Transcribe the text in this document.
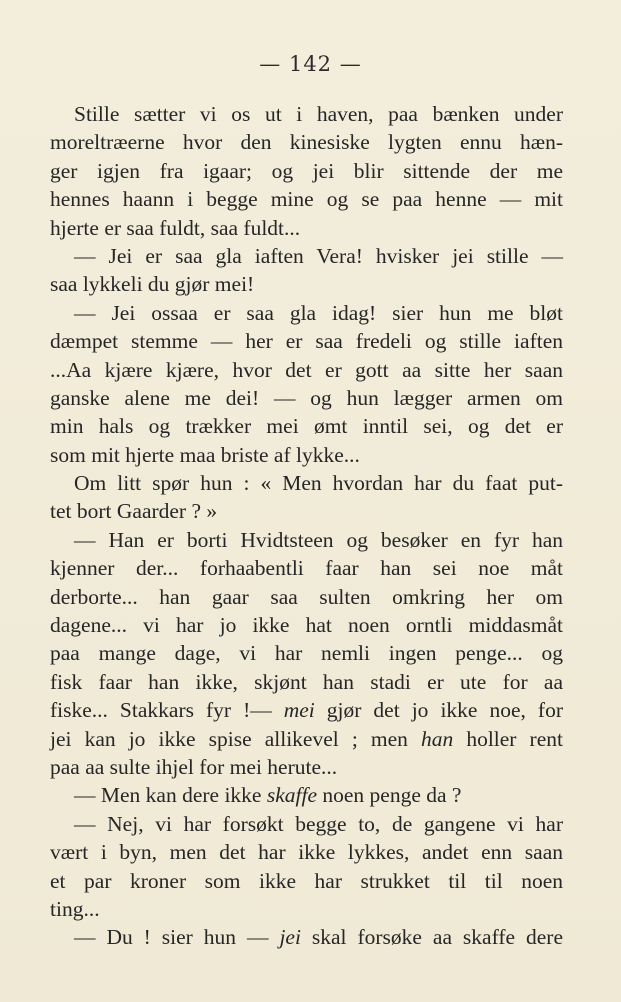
— 142 —
Stille sætter vi os ut i haven, paa bænken under
moreltræerne hvor den kinesiske lygten ennu hæn-
ger igjen fra igaar; og jei blir sittende der me
hennes haann i begge mine og se paa henne — mit
hjerte er saa fuldt, saa fuldt...
— Jei er saa gla iaften Vera! hvisker jei stille —
saa lykkeli du gjør mei!
— Jei ossaa er saa gla idag! sier hun me bløt
dæmpet stemme — her er saa fredeli og stille iaften
...Aa kjære kjære, hvor det er gott aa sitte her saan
ganske alene me dei! — og hun lægger armen om
min hals og trækker mei ømt inntil sei, og det er
som mit hjerte maa briste af lykke...
Om litt spør hun : « Men hvordan har du faat put-
tet bort Gaarder ? »
— Han er borti Hvidtsteen og besøker en fyr han
kjenner der... forhaabentli faar han sei noe måt
derborte... han gaar saa sulten omkring her om
dagene... vi har jo ikke hat noen orntli middasmåt
paa mange dage, vi har nemli ingen penge... og
fisk faar han ikke, skjønt han stadi er ute for aa
fiske... Stakkars fyr !— mei gjør det jo ikke noe, for
jei kan jo ikke spise allikevel ; men han holler rent
paa aa sulte ihjel for mei herute...
— Men kan dere ikke skaffe noen penge da ?
— Nej, vi har forsøkt begge to, de gangene vi har
vært i byn, men det har ikke lykkes, andet enn saan
et par kroner som ikke har strukket til til noen
ting...
— Du ! sier hun — jei skal forsøke aa skaffe dere
